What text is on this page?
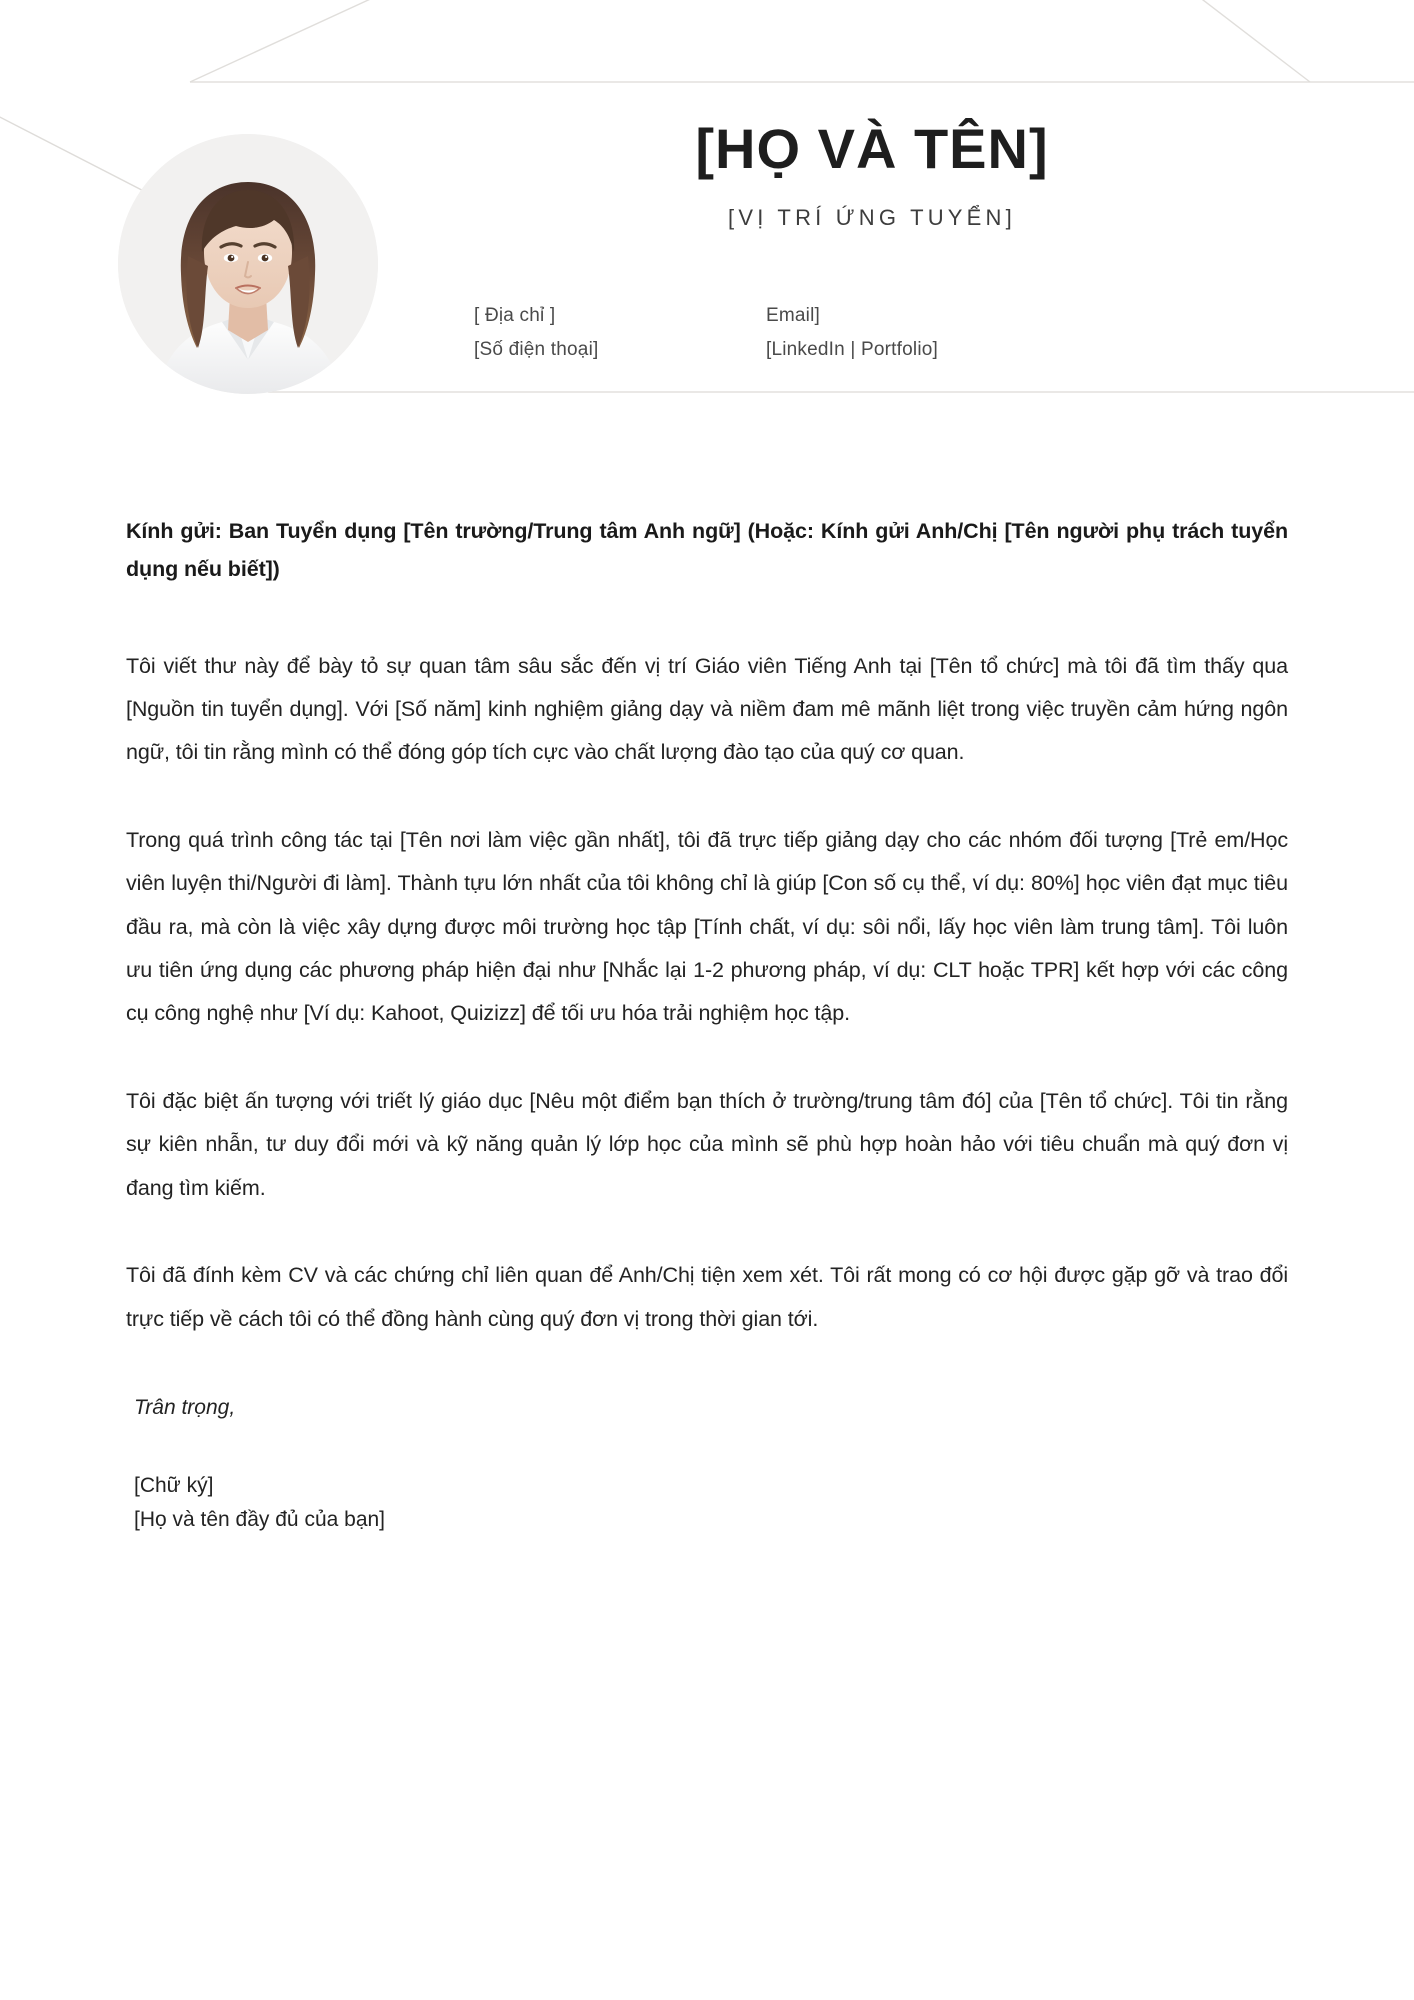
[HỌ VÀ TÊN]
[VỊ TRÍ ỨNG TUYỂN]
[ Địa chỉ ]
[Số điện thoại]
Email]
[LinkedIn | Portfolio]

Kính gửi: Ban Tuyển dụng [Tên trường/Trung tâm Anh ngữ] (Hoặc: Kính gửi Anh/Chị [Tên người phụ trách tuyển dụng nếu biết])

Tôi viết thư này để bày tỏ sự quan tâm sâu sắc đến vị trí Giáo viên Tiếng Anh tại [Tên tổ chức] mà tôi đã tìm thấy qua [Nguồn tin tuyển dụng]. Với [Số năm] kinh nghiệm giảng dạy và niềm đam mê mãnh liệt trong việc truyền cảm hứng ngôn ngữ, tôi tin rằng mình có thể đóng góp tích cực vào chất lượng đào tạo của quý cơ quan.

Trong quá trình công tác tại [Tên nơi làm việc gần nhất], tôi đã trực tiếp giảng dạy cho các nhóm đối tượng [Trẻ em/Học viên luyện thi/Người đi làm]. Thành tựu lớn nhất của tôi không chỉ là giúp [Con số cụ thể, ví dụ: 80%] học viên đạt mục tiêu đầu ra, mà còn là việc xây dựng được môi trường học tập [Tính chất, ví dụ: sôi nổi, lấy học viên làm trung tâm]. Tôi luôn ưu tiên ứng dụng các phương pháp hiện đại như [Nhắc lại 1-2 phương pháp, ví dụ: CLT hoặc TPR] kết hợp với các công cụ công nghệ như [Ví dụ: Kahoot, Quizizz] để tối ưu hóa trải nghiệm học tập.

Tôi đặc biệt ấn tượng với triết lý giáo dục [Nêu một điểm bạn thích ở trường/trung tâm đó] của [Tên tổ chức]. Tôi tin rằng sự kiên nhẫn, tư duy đổi mới và kỹ năng quản lý lớp học của mình sẽ phù hợp hoàn hảo với tiêu chuẩn mà quý đơn vị đang tìm kiếm.

Tôi đã đính kèm CV và các chứng chỉ liên quan để Anh/Chị tiện xem xét. Tôi rất mong có cơ hội được gặp gỡ và trao đổi trực tiếp về cách tôi có thể đồng hành cùng quý đơn vị trong thời gian tới.

Trân trọng,

[Chữ ký]

[Họ và tên đầy đủ của bạn]
